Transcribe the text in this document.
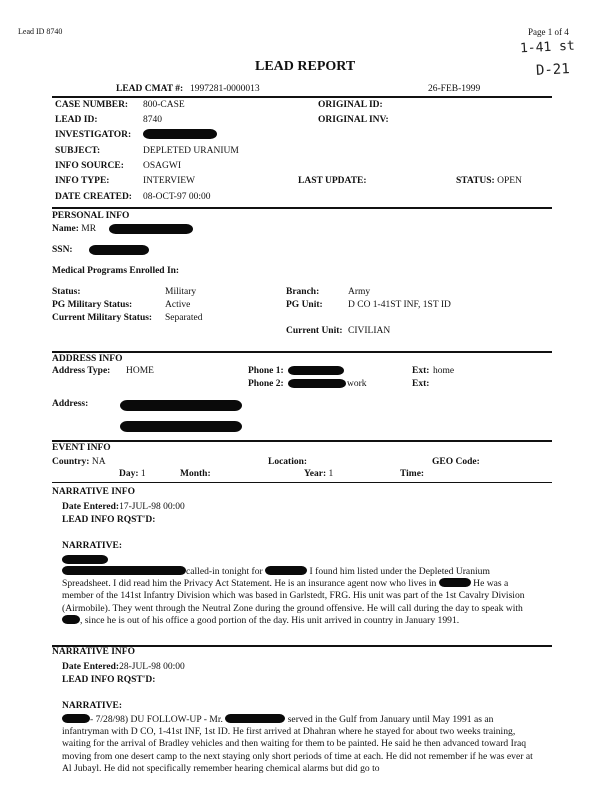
Lead ID 8740	Page 1 of 4
1-41 st
D-21
LEAD REPORT
LEAD CMAT #: 1997281-0000013	26-FEB-1999
CASE NUMBER: 800-CASE	ORIGINAL ID:
LEAD ID:	8740	ORIGINAL INV:
INVESTIGATOR:
SUBJECT:	DEPLETED URANIUM
INFO SOURCE: OSAGWI
INFO TYPE:	INTERVIEW	LAST UPDATE:	STATUS: OPEN
DATE CREATED: 08-OCT-97 00:00
PERSONAL INFO
Name: MR
SSN:
Medical Programs Enrolled In:
Status:	Military	Branch:	Army
PG Military Status:	Active	PG Unit:	D CO 1-41ST INF, 1ST ID
Current Military Status: Separated
Current Unit: CIVILIAN
ADDRESS INFO
Address Type: HOME	Phone 1:	Ext: home
Phone 2:	work	Ext:
Address:
EVENT INFO
Country: NA	Location:	GEO Code:
Day: 1	Month:	Year: 1	Time:
NARRATIVE INFO
Date Entered:17-JUL-98 00:00
LEAD INFO RQST'D:
NARRATIVE:
called-in tonight for	I found him listed under the Depleted Uranium Spreadsheet. I did read him the Privacy Act Statement. He is an insurance agent now who lives in	He was a member of the 141st Infantry Division which was based in Garlstedt, FRG. His unit was part of the 1st Cavalry Division (Airmobile). They went through the Neutral Zone during the ground offensive. He will call during the day to speak with, since he is out of his office a good portion of the day. His unit arrived in country in January 1991.
NARRATIVE INFO
Date Entered:28-JUL-98 00:00
LEAD INFO RQST'D:
NARRATIVE:
- 7/28/98) DU FOLLOW-UP - Mr.	served in the Gulf from January until May 1991 as an infantryman with D CO, 1-41st INF, 1st ID. He first arrived at Dhahran where he stayed for about two weeks training, waiting for the arrival of Bradley vehicles and then waiting for them to be painted. He said he then advanced toward Iraq moving from one desert camp to the next staying only short periods of time at each. He did not remember if he was ever at Al Jubayl. He did not specifically remember hearing chemical alarms but did go to
